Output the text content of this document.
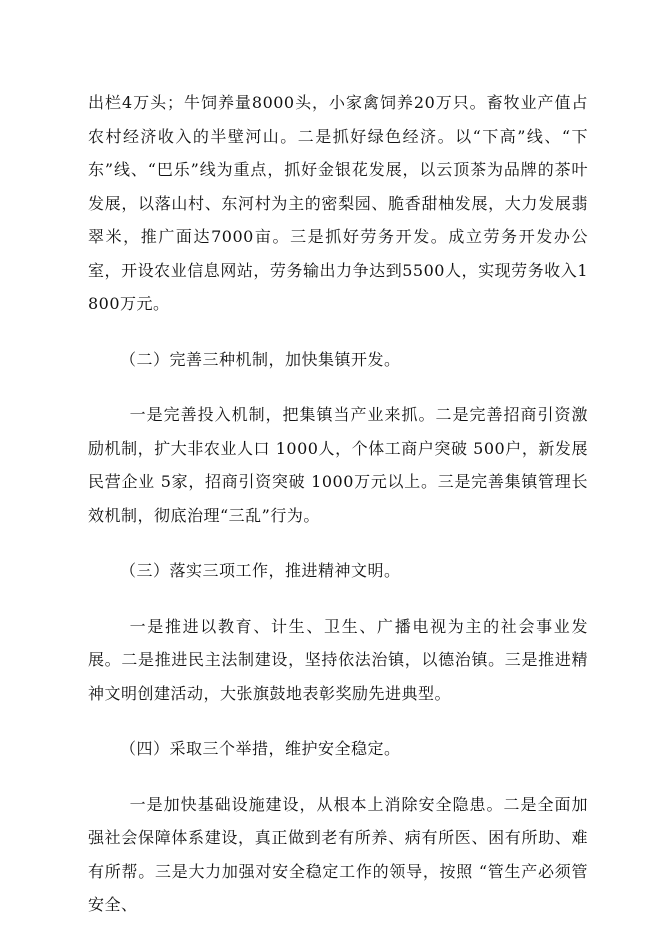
出栏4万头；牛饲养量8000头，小家禽饲养20万只。畜牧业产值占农村经济收入的半壁河山。二是抓好绿色经济。以“下高”线、“下东”线、“巴乐”线为重点，抓好金银花发展，以云顶茶为品牌的茶叶发展，以落山村、东河村为主的密梨园、脆香甜柚发展，大力发展翡翠米，推广面达7000亩。三是抓好劳务开发。成立劳务开发办公室，开设农业信息网站，劳务输出力争达到5500人，实现劳务收入1800万元。

（二）完善三种机制，加快集镇开发。

一是完善投入机制，把集镇当产业来抓。二是完善招商引资激励机制，扩大非农业人口 1000人，个体工商户突破 500户，新发展民营企业 5家，招商引资突破 1000万元以上。三是完善集镇管理长效机制，彻底治理“三乱”行为。

（三）落实三项工作，推进精神文明。

一是推进以教育、计生、卫生、广播电视为主的社会事业发展。二是推进民主法制建设，坚持依法治镇，以德治镇。三是推进精神文明创建活动，大张旗鼓地表彰奖励先进典型。

（四）采取三个举措，维护安全稳定。

一是加快基础设施建设，从根本上消除安全隐患。二是全面加强社会保障体系建设，真正做到老有所养、病有所医、困有所助、难有所帮。三是大力加强对安全稳定工作的领导，按照 “管生产必须管安全、
